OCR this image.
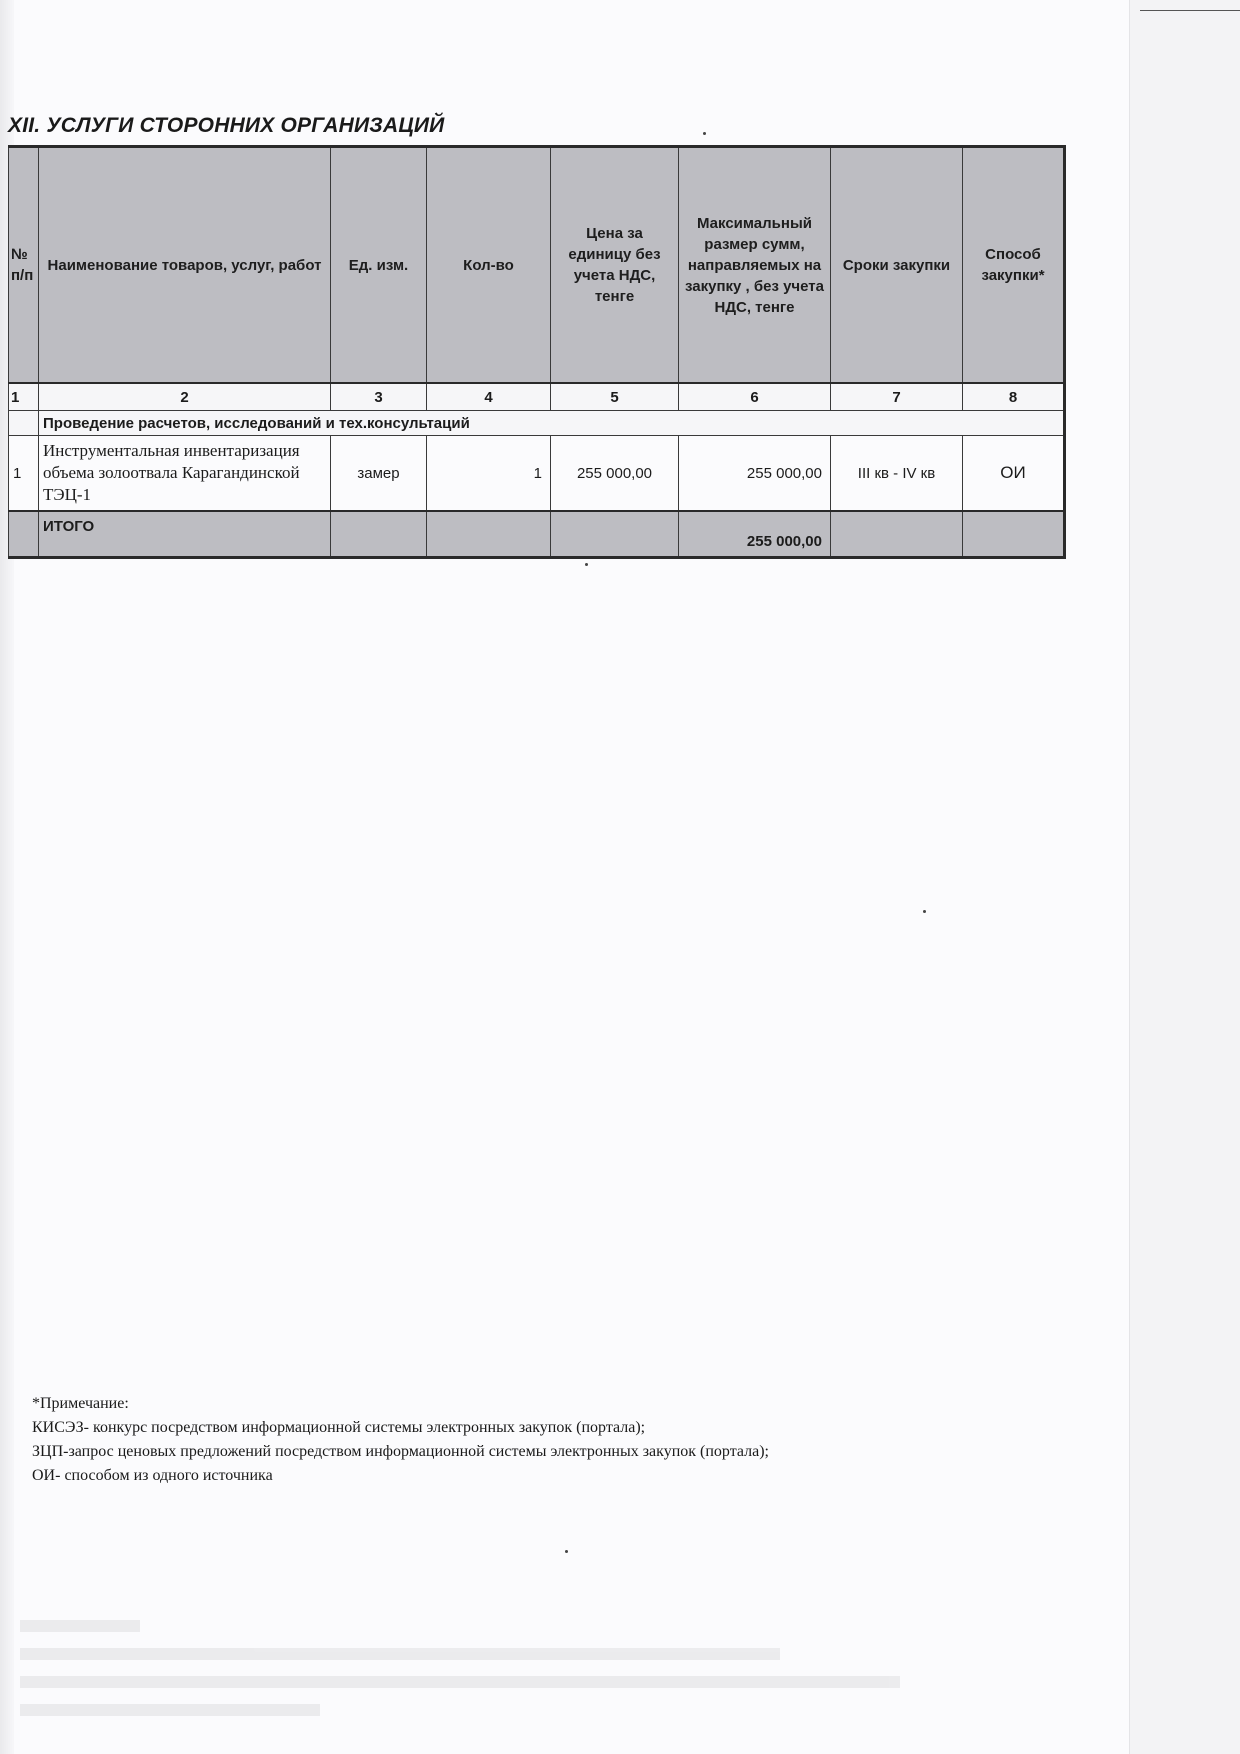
XII. УСЛУГИ СТОРОННИХ ОРГАНИЗАЦИЙ
№ п/п	Наименование товаров, услуг, работ	Ед. изм.	Кол-во	Цена за единицу без учета НДС, тенге	Максимальный размер сумм, направляемых на закупку , без учета НДС, тенге	Сроки закупки	Способ закупки*
1	2	3	4	5	6	7	8
	Проведение расчетов, исследований и тех.консультаций						
1	Инструментальная инвентаризация объема золоотвала Карагандинской ТЭЦ-1	замер	1	255 000,00	255 000,00	III кв - IV кв	ОИ
	ИТОГО				255 000,00		

*Примечание:

КИСЭЗ- конкурс посредством информационной системы электронных закупок (портала);

ЗЦП-запрос ценовых предложений посредством информационной системы электронных закупок (портала);

ОИ- способом из одного источника
